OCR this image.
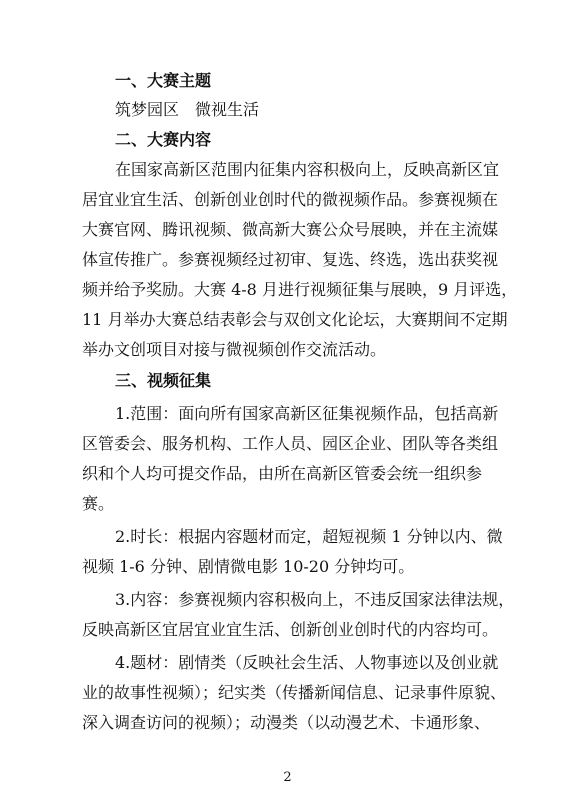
一、大赛主题
筑梦园区　微视生活
二、大赛内容
在国家高新区范围内征集内容积极向上，反映高新区宜
居宜业宜生活、创新创业创时代的微视频作品。参赛视频在
大赛官网、腾讯视频、微高新大赛公众号展映，并在主流媒
体宣传推广。参赛视频经过初审、复选、终选，选出获奖视
频并给予奖励。大赛 4-8 月进行视频征集与展映，9 月评选，
11 月举办大赛总结表彰会与双创文化论坛，大赛期间不定期
举办文创项目对接与微视频创作交流活动。
三、视频征集
1.范围：面向所有国家高新区征集视频作品，包括高新
区管委会、服务机构、工作人员、园区企业、团队等各类组
织和个人均可提交作品，由所在高新区管委会统一组织参
赛。
2.时长：根据内容题材而定，超短视频 1 分钟以内、微
视频 1-6 分钟、剧情微电影 10-20 分钟均可。
3.内容：参赛视频内容积极向上，不违反国家法律法规，
反映高新区宜居宜业宜生活、创新创业创时代的内容均可。
4.题材：剧情类（反映社会生活、人物事迹以及创业就
业的故事性视频）；纪实类（传播新闻信息、记录事件原貌、
深入调查访问的视频）；动漫类（以动漫艺术、卡通形象、
2
